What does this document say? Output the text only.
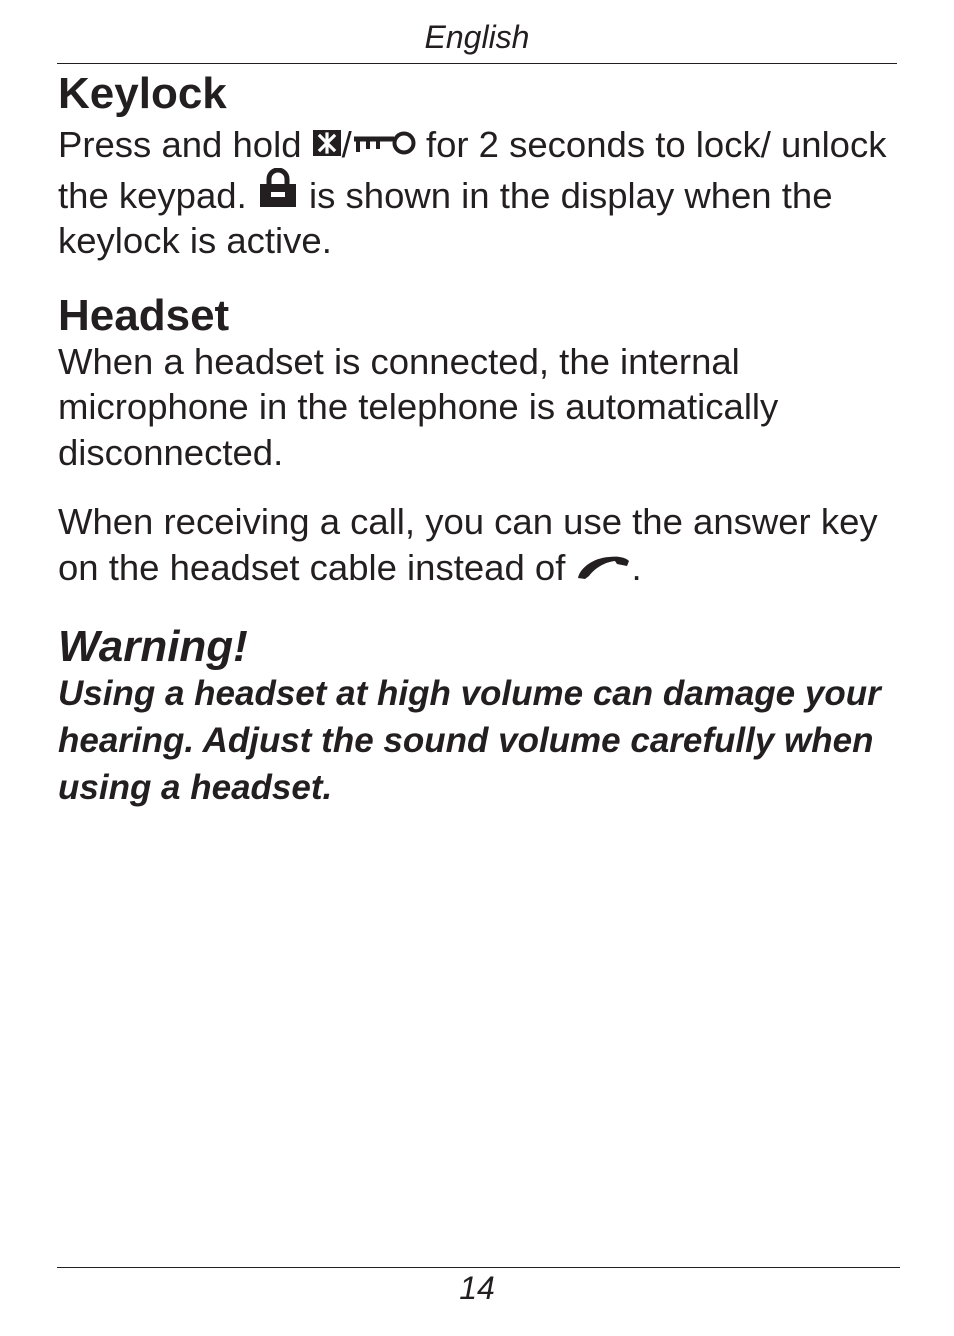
English
Keylock

Press and hold
/
for 2 seconds to lock/ unlock the keypad.
is shown in the display when the keylock is active.

Headset

When a headset is connected, the internal microphone in the telephone is automatically disconnected.

When receiving a call, you can use the answer key on the headset cable instead of
.

Warning!

Using a headset at high volume can damage your hearing. Adjust the sound volume carefully when using a headset.

14
